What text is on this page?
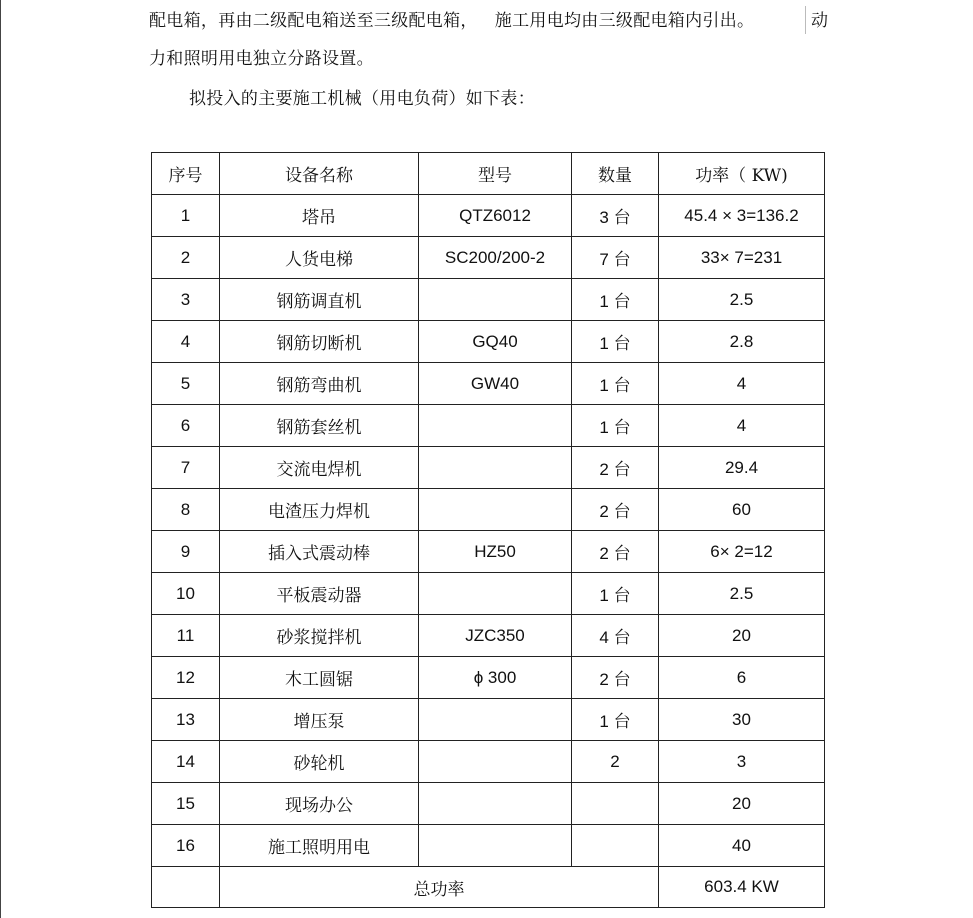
配电箱，再由二级配电箱送至三级配电箱，   施工用电均由三级配电箱内引出。	动
力和照明用电独立分路设置。
拟投入的主要施工机械（用电负荷）如下表：
序号	设备名称	型号	数量	功率（ KW)
1	塔吊	QTZ6012	3 台	45.4 × 3=136.2
2	人货电梯	SC200/200-2	7 台	33× 7=231
3	钢筋调直机		1 台	2.5
4	钢筋切断机	GQ40	1 台	2.8
5	钢筋弯曲机	GW40	1 台	4
6	钢筋套丝机		1 台	4
7	交流电焊机		2 台	29.4
8	电渣压力焊机		2 台	60
9	插入式震动棒	HZ50	2 台	6× 2=12
10	平板震动器		1 台	2.5
11	砂浆搅拌机	JZC350	4 台	20
12	木工圆锯	ϕ 300	2 台	6
13	增压泵		1 台	30
14	砂轮机		2	3
15	现场办公			20
16	施工照明用电			40
	总功率			603.4 KW
